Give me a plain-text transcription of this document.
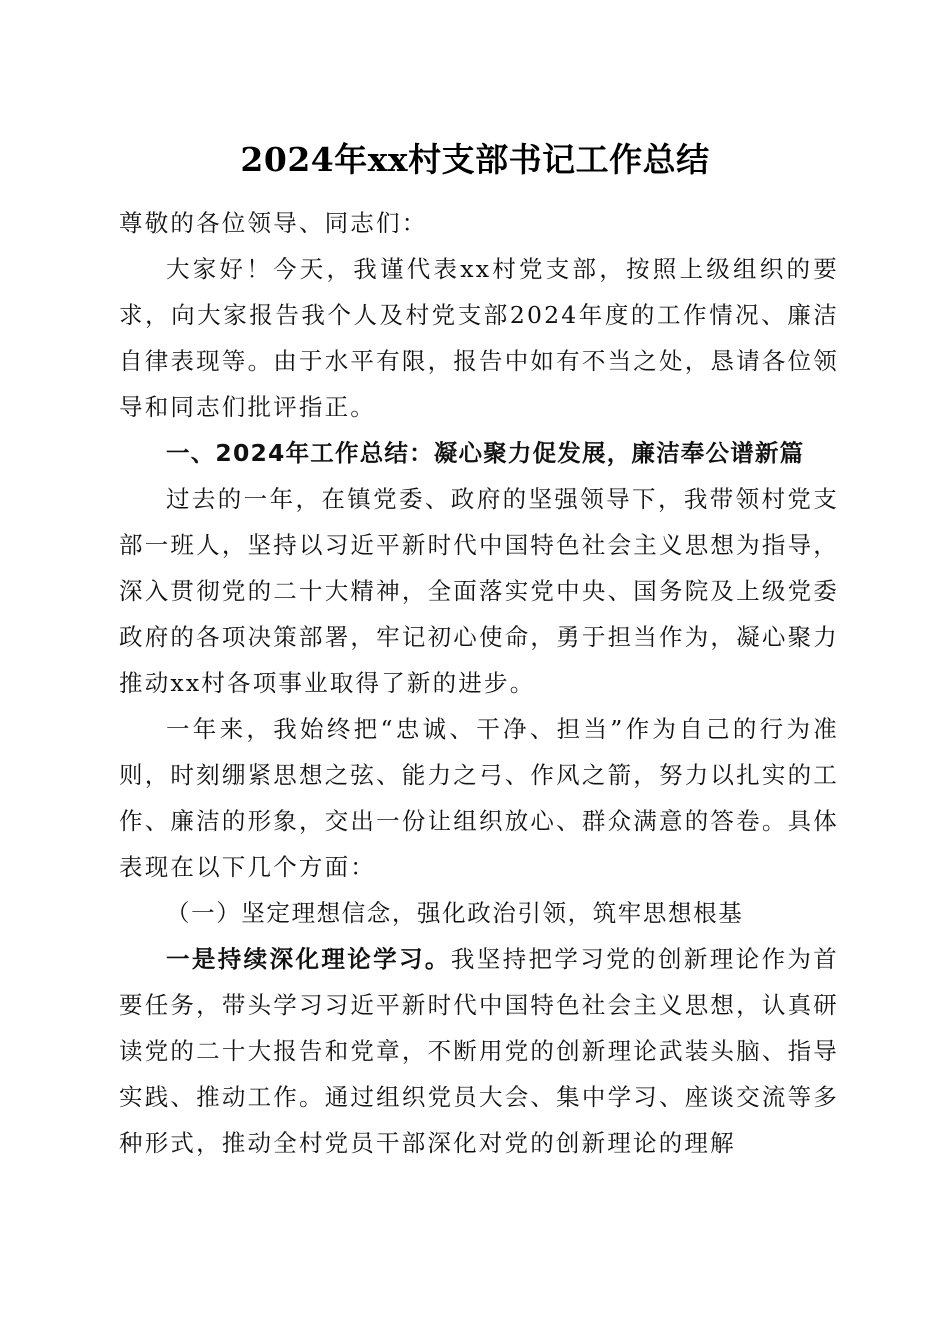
2024年xx村支部书记工作总结

尊敬的各位领导、同志们：

大家好！今天，我谨代表xx村党支部，按照上级组织的要求，向大家报告我个人及村党支部2024年度的工作情况、廉洁自律表现等。由于水平有限，报告中如有不当之处，恳请各位领导和同志们批评指正。

一、2024年工作总结：凝心聚力促发展，廉洁奉公谱新篇

过去的一年，在镇党委、政府的坚强领导下，我带领村党支部一班人，坚持以习近平新时代中国特色社会主义思想为指导，深入贯彻党的二十大精神，全面落实党中央、国务院及上级党委政府的各项决策部署，牢记初心使命，勇于担当作为，凝心聚力推动xx村各项事业取得了新的进步。

一年来，我始终把“忠诚、干净、担当”作为自己的行为准则，时刻绷紧思想之弦、能力之弓、作风之箭，努力以扎实的工作、廉洁的形象，交出一份让组织放心、群众满意的答卷。具体表现在以下几个方面：

（一）坚定理想信念，强化政治引领，筑牢思想根基

一是持续深化理论学习。我坚持把学习党的创新理论作为首要任务，带头学习习近平新时代中国特色社会主义思想，认真研读党的二十大报告和党章，不断用党的创新理论武装头脑、指导实践、推动工作。通过组织党员大会、集中学习、座谈交流等多种形式，推动全村党员干部深化对党的创新理论的理解
